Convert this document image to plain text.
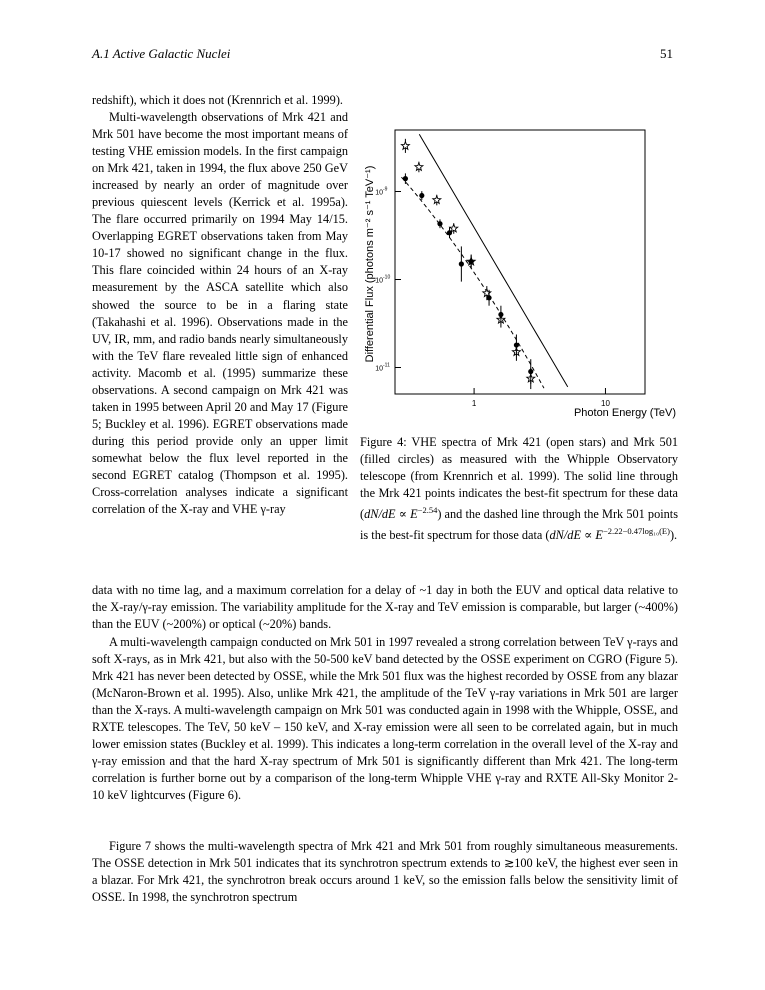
A.1 Active Galactic Nuclei	51

redshift), which it does not (Krennrich et al. 1999).

Multi-wavelength observations of Mrk 421 and Mrk 501 have become the most important means of testing VHE emission models. In the first campaign on Mrk 421, taken in 1994, the flux above 250 GeV increased by nearly an order of magnitude over previous quiescent levels (Kerrick et al. 1995a). The flare occurred primarily on 1994 May 14/15. Overlapping EGRET observations taken from May 10-17 showed no significant change in the flux. This flare coincided within 24 hours of an X-ray measurement by the ASCA satellite which also showed the source to be in a flaring state (Takahashi et al. 1996). Observations made in the UV, IR, mm, and radio bands nearly simultaneously with the TeV flare revealed little sign of enhanced activity. Macomb et al. (1995) summarize these observations. A second campaign on Mrk 421 was taken in 1995 between April 20 and May 17 (Figure 5; Buckley et al. 1996). EGRET observations made during this period provide only an upper limit somewhat below the flux level reported in the second EGRET catalog (Thompson et al. 1995). Cross-correlation analyses indicate a significant correlation of the X-ray and VHE γ-ray

Differential Flux (photons m⁻² s⁻¹ TeV⁻¹)
Photon Energy (TeV)
1	10
10 -9
10 -10
10 -11

Figure 4: VHE spectra of Mrk 421 (open stars) and Mrk 501 (filled circles) as measured with the Whipple Observatory telescope (from Krennrich et al. 1999). The solid line through the Mrk 421 points indicates the best-fit spectrum for these data $(dN/dE \propto E^{-2.54})$ and the dashed line through the Mrk 501 points is the best-fit spectrum for those data $(dN/dE \propto E^{-2.22-0.47log_{10}(E)})$.

data with no time lag, and a maximum correlation for a delay of ~1 day in both the EUV and optical data relative to the X-ray/γ-ray emission. The variability amplitude for the X-ray and TeV emission is comparable, but larger (~400%) than the EUV (~200%) or optical (~20%) bands.

A multi-wavelength campaign conducted on Mrk 501 in 1997 revealed a strong correlation between TeV γ-rays and soft X-rays, as in Mrk 421, but also with the 50-500 keV band detected by the OSSE experiment on CGRO (Figure 5). Mrk 421 has never been detected by OSSE, while the Mrk 501 flux was the highest recorded by OSSE from any blazar (McNaron-Brown et al. 1995). Also, unlike Mrk 421, the amplitude of the TeV γ-ray variations in Mrk 501 are larger than the X-rays. A multi-wavelength campaign on Mrk 501 was conducted again in 1998 with the Whipple, OSSE, and RXTE telescopes. The TeV, 50 keV – 150 keV, and X-ray emission were all seen to be correlated again, but in much lower emission states (Buckley et al. 1999). This indicates a long-term correlation in the overall level of the X-ray and γ-ray emission and that the hard X-ray spectrum of Mrk 501 is significantly different than Mrk 421. The long-term correlation is further borne out by a comparison of the long-term Whipple VHE γ-ray and RXTE All-Sky Monitor 2-10 keV lightcurves (Figure 6).

Figure 7 shows the multi-wavelength spectra of Mrk 421 and Mrk 501 from roughly simultaneous measurements. The OSSE detection in Mrk 501 indicates that its synchrotron spectrum extends to ≳100 keV, the highest ever seen in a blazar. For Mrk 421, the synchrotron break occurs around 1 keV, so the emission falls below the sensitivity limit of OSSE. In 1998, the synchrotron spectrum
